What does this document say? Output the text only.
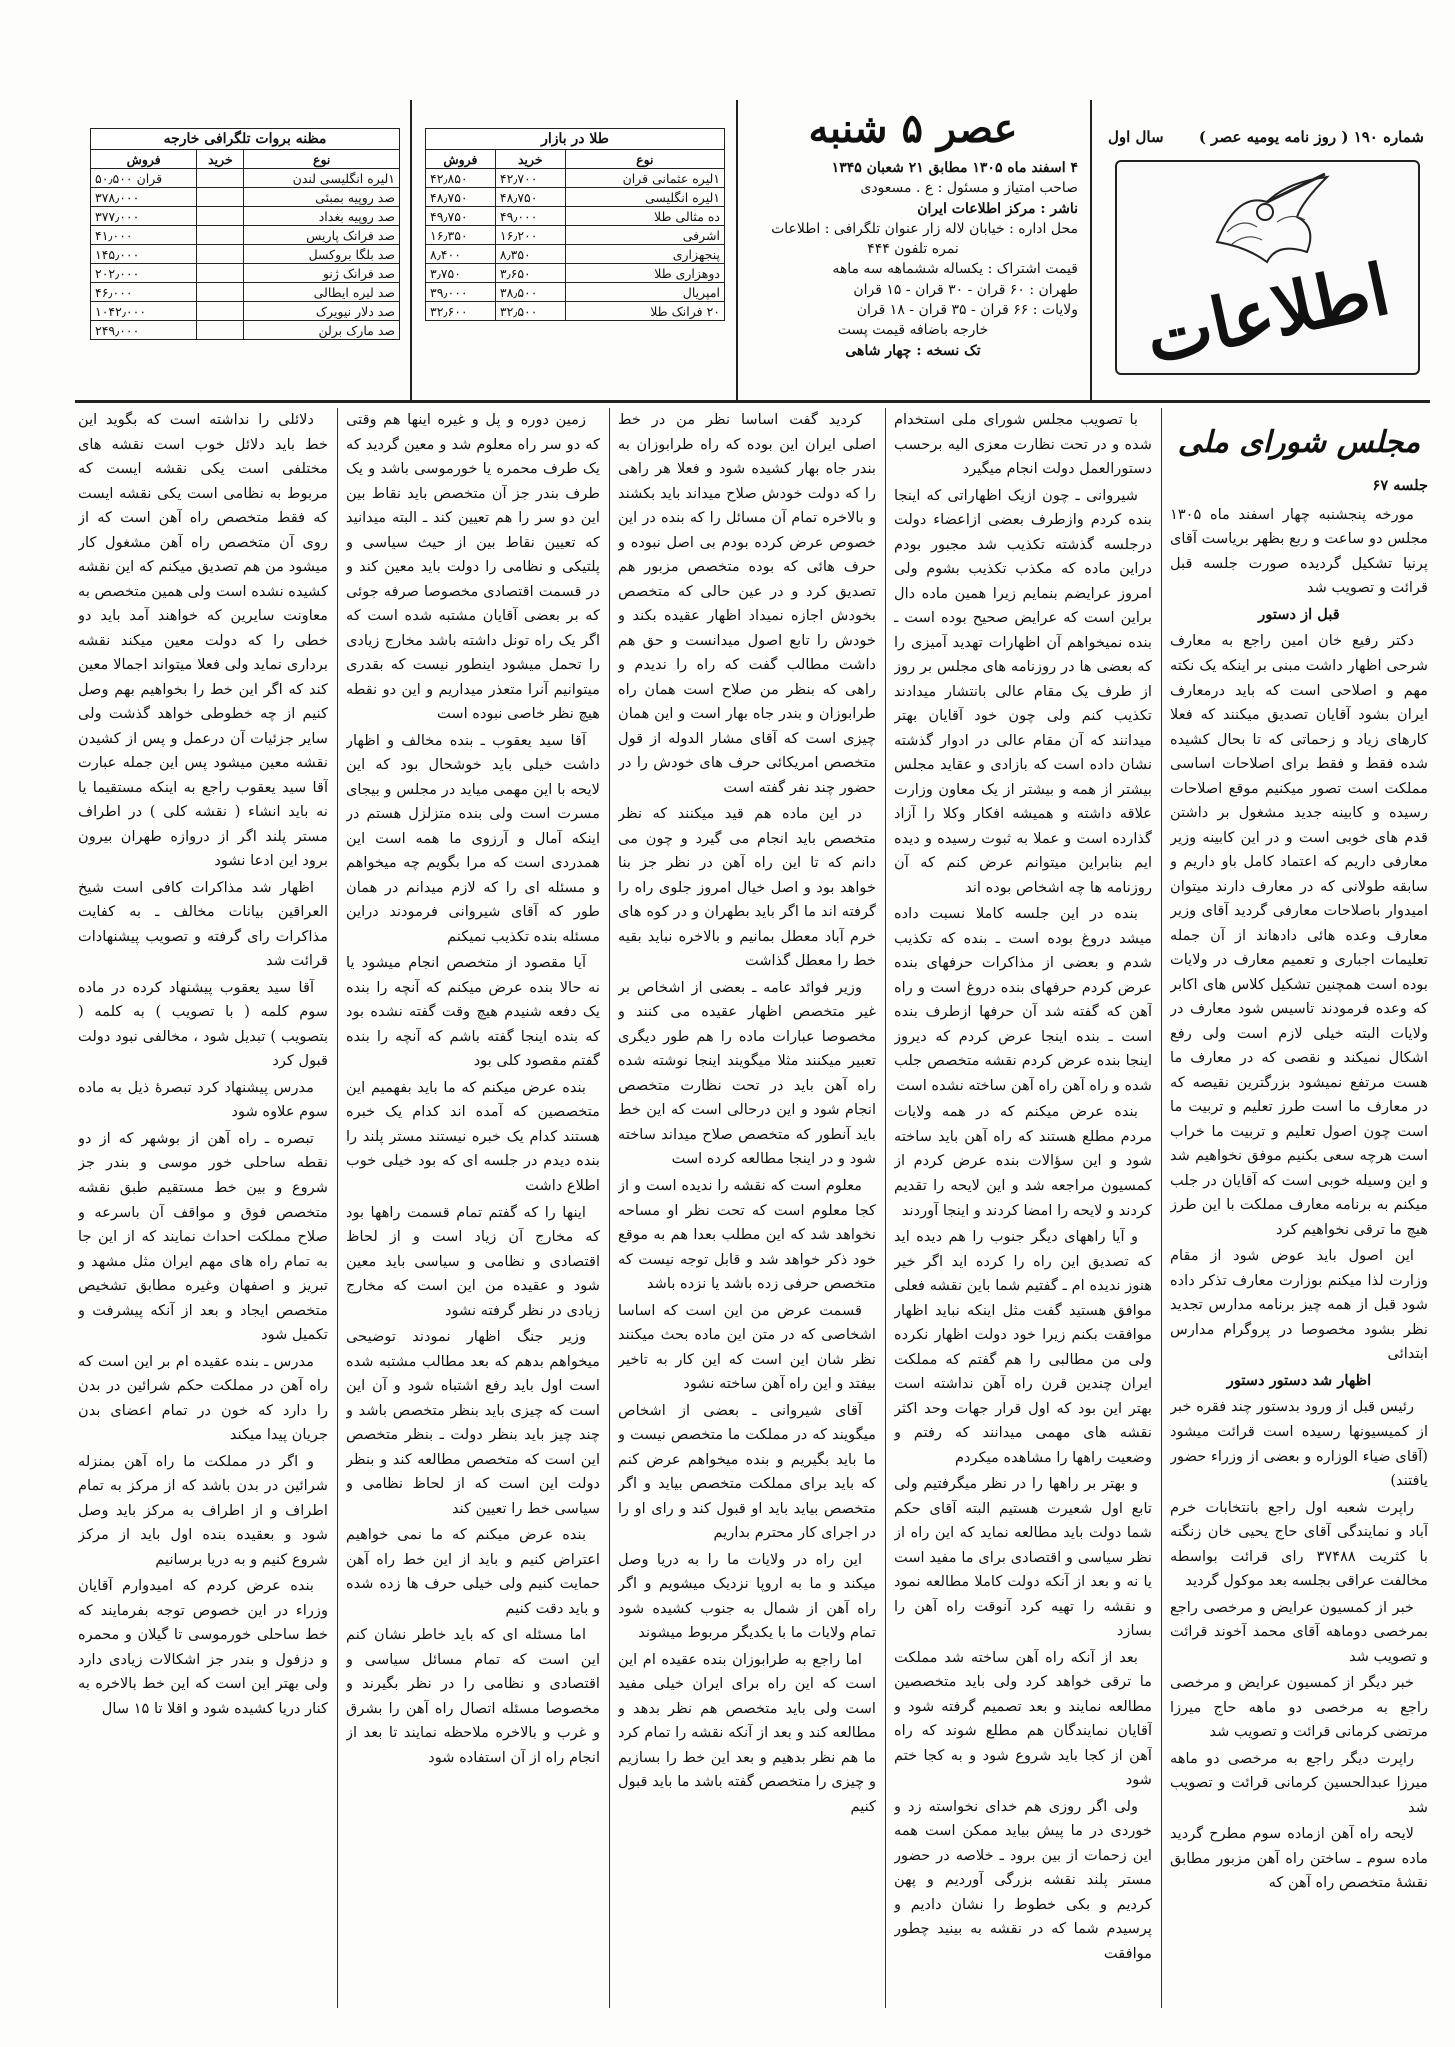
شماره ۱۹۰ ( روز نامه یومیه عصر )
سال اول
اطلاعات
عصر ۵ شنبه
۴ اسفند ماه ۱۳۰۵ مطابق ۲۱ شعبان ۱۳۴۵
صاحب امتیاز و مسئول : ع . مسعودی
ناشر : مرکز اطلاعات ایران
محل اداره : خیابان لاله زار عنوان تلگرافی : اطلاعات
نمره تلفون ۴۴۴
قیمت اشتراک : یکساله ششماهه سه ماهه
طهران : ۶۰ قران - ۳۰ قران - ۱۵ قران
ولایات : ۶۶ قران - ۳۵ قران - ۱۸ قران
خارجه باضافه قیمت پست
تک نسخه : چهار شاهی
طلا در بازار
نوع	خرید	فروش
۱لیره عثمانی قران	۴۲٫۷۰۰	۴۲٫۸۵۰
۱لیره انگلیسی	۴۸٫۷۵۰	۴۸٫۷۵۰
ده مثالی طلا	۴۹٫۰۰۰	۴۹٫۷۵۰
اشرفی	۱۶٫۲۰۰	۱۶٫۳۵۰
پنجهزاری	۸٫۳۵۰	۸٫۴۰۰
دوهزاری طلا	۳٫۶۵۰	۳٫۷۵۰
امپریال	۳۸٫۵۰۰	۳۹٫۰۰۰
۲۰ فرانک طلا	۳۲٫۵۰۰	۳۲٫۶۰۰
مظنه بروات تلگرافی خارجه
نوع	خرید	فروش
۱لیره انگلیسی لندن		۵۰٫۵۰۰ قران
صد روپیه بمبئی		۳۷۸٫۰۰۰
صد روپیه بغداد		۳۷۷٫۰۰۰
صد فرانک پاریس		۴۱٫۰۰۰
صد بلگا بروکسل		۱۴۵٫۰۰۰
صد فرانک ژنو		۲۰۲٫۰۰۰
صد لیره ایطالی		۴۶٫۰۰۰
صد دلار نیویرک		۱۰۴۲٫۰۰۰
صد مارک برلن		۲۴۹٫۰۰۰
مجلس شورای ملی
جلسه ۶۷

مورخه پنجشنبه چهار اسفند ماه ۱۳۰۵ مجلس دو ساعت و ربع بظهر بریاست آقای پرنیا تشکیل گردیده صورت جلسه قبل قرائت و تصویب شد

قبل از دستور

دکتر رفیع خان امین راجع به معارف شرحی اظهار داشت مبنی بر اینکه یک نکته مهم و اصلاحی است که باید درمعارف ایران بشود آقایان تصدیق میکنند که فعلا کارهای زیاد و زحماتی که تا بحال کشیده شده فقط و فقط برای اصلاحات اساسی مملکت است تصور میکنیم موقع اصلاحات رسیده و کابینه جدید مشغول بر داشتن قدم های خوبی است و در این کابینه وزیر معارفی داریم که اعتماد کامل باو داریم و سابقه طولانی که در معارف دارند میتوان امیدوار باصلاحات معارفی گردید آقای وزیر معارف وعده هائی دادهاند از آن جمله تعلیمات اجباری و تعمیم معارف در ولایات بوده است همچنین تشکیل کلاس های اکابر که وعده فرمودند تاسیس شود معارف در ولایات البته خیلی لازم است ولی رفع اشکال نمیکند و نقصی که در معارف ما هست مرتفع نمیشود بزرگترین نقیصه که در معارف ما است طرز تعلیم و تربیت ما است چون اصول تعلیم و تربیت ما خراب است هرچه سعی بکنیم موفق نخواهیم شد و این وسیله خوبی است که آقایان در جلب میکنم به برنامه معارف مملکت با این طرز هیچ ما ترقی نخواهیم کرد

این اصول باید عوض شود از مقام وزارت لذا میکنم بوزارت معارف تذکر داده شود قبل از همه چیز برنامه مدارس تجدید نظر بشود مخصوصا در پروگرام مدارس ابتدائی

اظهار شد دستور دستور

رئیس قبل از ورود بدستور چند فقره خبر از کمیسیونها رسیده است قرائت میشود (آقای ضیاء الوزاره و بعضی از وزراء حضور یافتند)

راپرت شعبه اول راجع بانتخابات خرم آباد و نمایندگی آقای حاج یحیی خان زنگنه با کثریت ۳۷۴۸۸ رای قرائت بواسطه مخالفت عراقی بجلسه بعد موکول گردید

خبر از کمسیون عرایض و مرخصی راجع بمرخصی دوماهه آقای محمد آخوند قرائت و تصویب شد

خبر دیگر از کمسیون عرایض و مرخصی راجع به مرخصی دو ماهه حاج میرزا مرتضی کرمانی قرائت و تصویب شد

راپرت دیگر راجع به مرخصی دو ماهه میرزا عبدالحسین کرمانی قرائت و تصویب شد

لایحه راه آهن ازماده سوم مطرح گردید ماده سوم ـ ساختن راه آهن مزبور مطابق نقشهٔ متخصص راه آهن که

با تصویب مجلس شورای ملی استخدام شده و در تحت نظارت معزی الیه برحسب دستورالعمل دولت انجام میگیرد

شیروانی ـ چون ازیک اظهاراتی که اینجا بنده کردم وازطرف بعضی ازاعضاء دولت درجلسه گذشته تکذیب شد مجبور بودم دراین ماده که مکذب تکذیب بشوم ولی امروز عرایضم بنمایم زیرا همین ماده دال براین است که عرایض صحیح بوده است ـ بنده نمیخواهم آن اظهارات تهدید آمیزی را که بعضی ها در روزنامه های مجلس بر روز از طرف یک مقام عالی بانتشار میدادند تکذیب کنم ولی چون خود آقایان بهتر میدانند که آن مقام عالی در ادوار گذشته نشان داده است که بازادی و عقاید مجلس بیشتر از همه و بیشتر از یک معاون وزارت علاقه داشته و همیشه افکار وکلا را آزاد گذارده است و عملا به ثبوت رسیده و دیده ایم بنابراین میتوانم عرض کنم که آن روزنامه ها چه اشخاص بوده اند

بنده در این جلسه کاملا نسبت داده میشد دروغ بوده است ـ بنده که تکذیب شدم و بعضی از مذاکرات حرفهای بنده عرض کردم حرفهای بنده دروغ است و راه آهن که گفته شد آن حرفها ازطرف بنده است ـ بنده اینجا عرض کردم که دیروز اینجا بنده عرض کردم نقشه متخصص جلب شده و راه آهن راه آهن ساخته نشده است

بنده عرض میکنم که در همه ولایات مردم مطلع هستند که راه آهن باید ساخته شود و این سؤالات بنده عرض کردم از کمسیون مراجعه شد و این لایحه را تقدیم کردند و لایحه را امضا کردند و اینجا آوردند

و آیا راههای دیگر جنوب را هم دیده اید که تصدیق این راه را کرده اید اگر خیر هنوز ندیده ام ـ گفتیم شما باین نقشه فعلی موافق هستید گفت مثل اینکه نباید اظهار موافقت بکنم زیرا خود دولت اظهار نکرده ولی من مطالبی را هم گفتم که مملکت ایران چندین قرن راه آهن نداشته است بهتر این بود که اول قرار جهات وحد اکثر نقشه های مهمی میدانند که رفتم و وضعیت راهها را مشاهده میکردم

و بهتر بر راهها را در نظر میگرفتیم ولی تابع اول شعیرت هستیم البته آقای حکم شما دولت باید مطالعه نماید که این راه از نظر سیاسی و اقتصادی برای ما مفید است یا نه و بعد از آنکه دولت کاملا مطالعه نمود و نقشه را تهیه کرد آنوقت راه آهن را بسازد

بعد از آنکه راه آهن ساخته شد مملکت ما ترقی خواهد کرد ولی باید متخصصین مطالعه نمایند و بعد تصمیم گرفته شود و آقایان نمایندگان هم مطلع شوند که راه آهن از کجا باید شروع شود و به کجا ختم شود

ولی اگر روزی هم خدای نخواسته زد و خوردی در ما پیش بیاید ممکن است همه این زحمات از بین برود ـ خلاصه در حضور مستر پلند نقشه بزرگی آوردیم و پهن کردیم و بکی خطوط را نشان دادیم و پرسیدم شما که در نقشه به بینید چطور موافقت

کردید گفت اساسا نظر من در خط اصلی ایران این بوده که راه طرابوزان به بندر جاه بهار کشیده شود و فعلا هر راهی را که دولت خودش صلاح میداند باید بکشند و بالاخره تمام آن مسائل را که بنده در این خصوص عرض کرده بودم بی اصل نبوده و حرف هائی که بوده متخصص مزبور هم تصدیق کرد و در عین حالی که متخصص بخودش اجازه نمیداد اظهار عقیده بکند و خودش را تابع اصول میدانست و حق هم داشت مطالب گفت که راه را ندیدم و راهی که بنظر من صلاح است همان راه طرابوزان و بندر جاه بهار است و این همان چیزی است که آقای مشار الدوله از قول متخصص امریکائی حرف های خودش را در حضور چند نفر گفته است

در این ماده هم قید میکنند که نظر متخصص باید انجام می گیرد و چون می دانم که تا این راه آهن در نظر جز بنا خواهد بود و اصل خیال امروز جلوی راه را گرفته اند ما اگر باید بطهران و در کوه های خرم آباد معطل بمانیم و بالاخره نباید بقیه خط را معطل گذاشت

وزیر فوائد عامه ـ بعضی از اشخاص بر غیر متخصص اظهار عقیده می کنند و مخصوصا عبارات ماده را هم طور دیگری تعبیر میکنند مثلا میگویند اینجا نوشته شده راه آهن باید در تحت نظارت متخصص انجام شود و این درحالی است که این خط باید آنطور که متخصص صلاح میداند ساخته شود و در اینجا مطالعه کرده است

معلوم است که نقشه را ندیده است و از کجا معلوم است که تحت نظر او مساحه نخواهد شد که این مطلب بعدا هم به موقع خود ذکر خواهد شد و قابل توجه نیست که متخصص حرفی زده باشد یا نزده باشد

قسمت عرض من این است که اساسا اشخاصی که در متن این ماده بحث میکنند نظر شان این است که این کار به تاخیر بیفتد و این راه آهن ساخته نشود

آقای شیروانی ـ بعضی از اشخاص میگویند که در مملکت ما متخصص نیست و ما باید بگیریم و بنده میخواهم عرض کنم که باید برای مملکت متخصص بیاید و اگر متخصص بیاید باید او قبول کند و رای او را در اجرای کار محترم بداریم

این راه در ولایات ما را به دریا وصل میکند و ما به اروپا نزدیک میشویم و اگر راه آهن از شمال به جنوب کشیده شود تمام ولایات ما با یکدیگر مربوط میشوند

اما راجع به طرابوزان بنده عقیده ام این است که این راه برای ایران خیلی مفید است ولی باید متخصص هم نظر بدهد و مطالعه کند و بعد از آنکه نقشه را تمام کرد ما هم نظر بدهیم و بعد این خط را بسازیم و چیزی را متخصص گفته باشد ما باید قبول کنیم

زمین دوره و پل و غیره اینها هم وقتی که دو سر راه معلوم شد و معین گردید که یک طرف محمره یا خورموسی باشد و یک طرف بندر جز آن متخصص باید نقاط بین این دو سر را هم تعیین کند ـ البته میدانید که تعیین نقاط بین از حیث سیاسی و پلتیکی و نظامی را دولت باید معین کند و در قسمت اقتصادی مخصوصا صرفه جوئی که بر بعضی آقایان مشتبه شده است که اگر یک راه تونل داشته باشد مخارج زیادی را تحمل میشود اینطور نیست که بقدری میتوانیم آنرا متعذر میداریم و این دو نقطه هیچ نظر خاصی نبوده است

آقا سید یعقوب ـ بنده مخالف و اظهار داشت خیلی باید خوشحال بود که این لایحه با این مهمی میاید در مجلس و بیجای مسرت است ولی بنده متزلزل هستم در اینکه آمال و آرزوی ما همه است این همدردی است که مرا بگویم چه میخواهم و مسئله ای را که لازم میدانم در همان طور که آقای شیروانی فرمودند دراین مسئله بنده تکذیب نمیکنم

آیا مقصود از متخصص انجام میشود یا نه حالا بنده عرض میکنم که آنچه را بنده یک دفعه شنیدم هیچ وقت گفته نشده بود که بنده اینجا گفته باشم که آنچه را بنده گفتم مقصود کلی بود

بنده عرض میکنم که ما باید بفهمیم این متخصصین که آمده اند کدام یک خبره هستند کدام یک خبره نیستند مستر پلند را بنده دیدم در جلسه ای که بود خیلی خوب اطلاع داشت

اینها را که گفتم تمام قسمت راهها بود که مخارج آن زیاد است و از لحاظ اقتصادی و نظامی و سیاسی باید معین شود و عقیده من این است که مخارج زیادی در نظر گرفته نشود

وزیر جنگ اظهار نمودند توضیحی میخواهم بدهم که بعد مطالب مشتبه شده است اول باید رفع اشتباه شود و آن این است که چیزی باید بنظر متخصص باشد و چند چیز باید بنظر دولت ـ بنظر متخصص این است که متخصص مطالعه کند و بنظر دولت این است که از لحاظ نظامی و سیاسی خط را تعیین کند

بنده عرض میکنم که ما نمی خواهیم اعتراض کنیم و باید از این خط راه آهن حمایت کنیم ولی خیلی حرف ها زده شده و باید دقت کنیم

اما مسئله ای که باید خاطر نشان کنم این است که تمام مسائل سیاسی و اقتصادی و نظامی را در نظر بگیرند و مخصوصا مسئله اتصال راه آهن را بشرق و غرب و بالاخره ملاحظه نمایند تا بعد از انجام راه از آن استفاده شود

دلائلی را نداشته است که بگوید این خط باید دلائل خوب است نقشه های مختلفی است یکی نقشه ایست که مربوط به نظامی است یکی نقشه ایست که فقط متخصص راه آهن است که از روی آن متخصص راه آهن مشغول کار میشود من هم تصدیق میکنم که این نقشه کشیده نشده است ولی همین متخصص به معاونت سایرین که خواهند آمد باید دو خطی را که دولت معین میکند نقشه برداری نماید ولی فعلا میتواند اجمالا معین کند که اگر این خط را بخواهیم بهم وصل کنیم از چه خطوطی خواهد گذشت ولی سایر جزئیات آن درعمل و پس از کشیدن نقشه معین میشود پس این جمله عبارت آقا سید یعقوب راجع به اینکه مستقیما یا نه باید انشاء ( نقشه کلی ) در اطراف مستر پلند اگر از دروازه طهران بیرون برود این ادعا نشود

اظهار شد مذاکرات کافی است شیخ العراقین بیانات مخالف ـ به کفایت مذاکرات رای گرفته و تصویب پیشنهادات قرائت شد

آقا سید یعقوب پیشنهاد کرده در ماده سوم کلمه ( با تصویب ) به کلمه ( بتصویب ) تبدیل شود ، مخالفی نبود دولت قبول کرد

مدرس پیشنهاد کرد تبصرهٔ ذیل به ماده سوم علاوه شود

تبصره ـ راه آهن از بوشهر که از دو نقطه ساحلی خور موسی و بندر جز شروع و بین خط مستقیم طبق نقشه متخصص فوق و مواقف آن باسرعه و صلاح مملکت احداث نمایند که از این جا به تمام راه های مهم ایران مثل مشهد و تبریز و اصفهان وغیره مطابق تشخیص متخصص ایجاد و بعد از آنکه پیشرفت و تکمیل شود

مدرس ـ بنده عقیده ام بر این است که راه آهن در مملکت حکم شرائین در بدن را دارد که خون در تمام اعضای بدن جریان پیدا میکند

و اگر در مملکت ما راه آهن بمنزله شرائین در بدن باشد که از مرکز به تمام اطراف و از اطراف به مرکز باید وصل شود و بعقیده بنده اول باید از مرکز شروع کنیم و به دریا برسانیم

بنده عرض کردم که امیدوارم آقایان وزراء در این خصوص توجه بفرمایند که خط ساحلی خورموسی تا گیلان و محمره و دزفول و بندر جز اشکالات زیادی دارد ولی بهتر این است که این خط بالاخره به کنار دریا کشیده شود و اقلا تا ۱۵ سال
